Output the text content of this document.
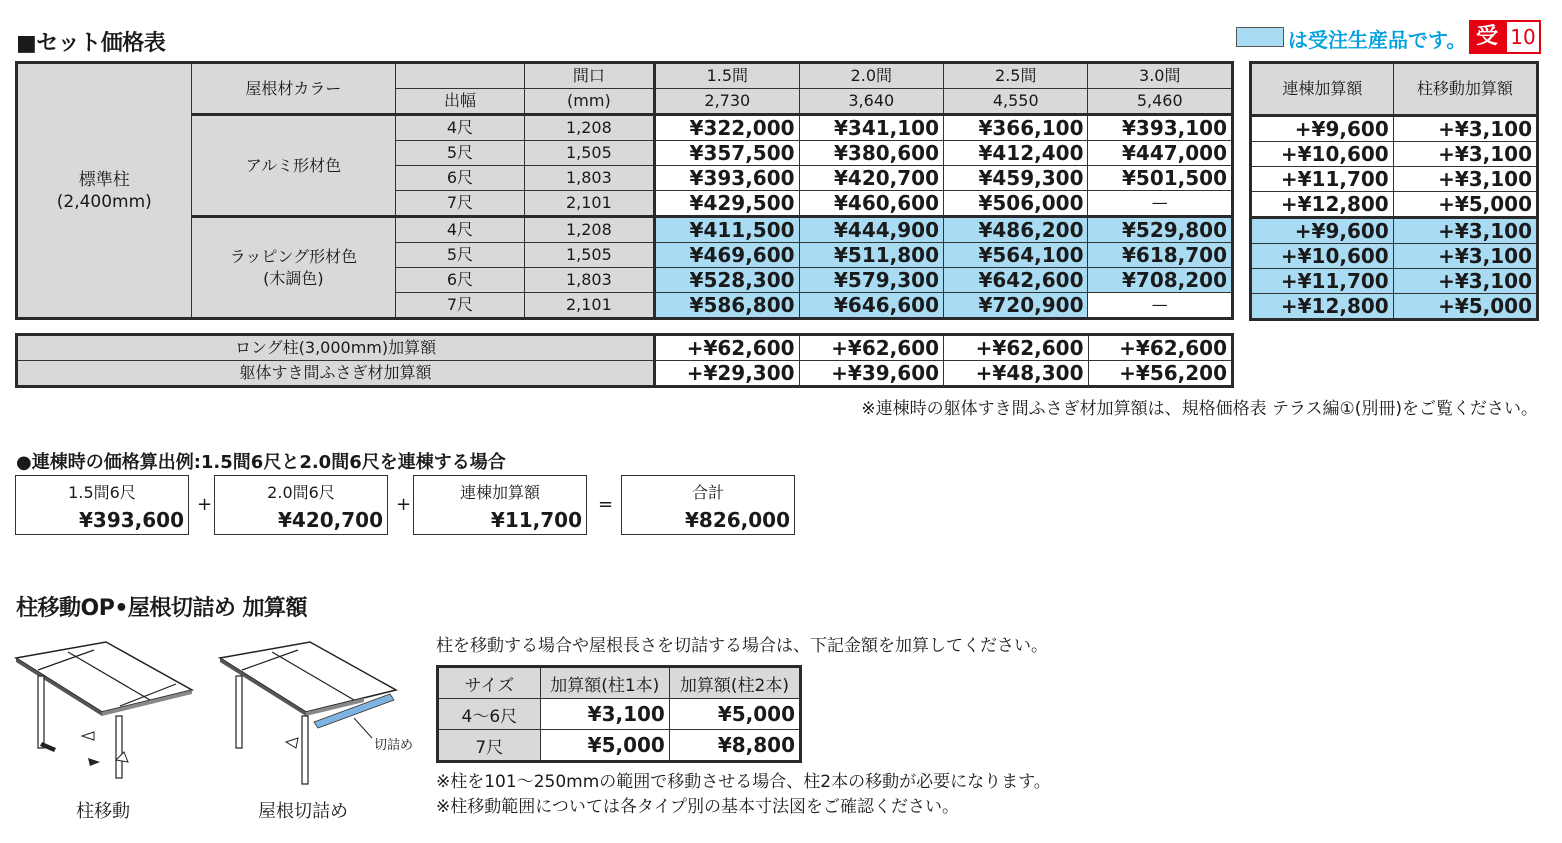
■セット価格表	は受注生産品です。 受 10
標準柱
(2,400mm)	屋根材カラー		間口	1.5間	2.0間	2.5間	3.0間
		出幅	(mm)	2,730	3,640	4,550	5,460

	アルミ形材色	4尺	1,208	¥322,000	¥341,100	¥366,100	¥393,100
		5尺	1,505	¥357,500	¥380,600	¥412,400	¥447,000
		6尺	1,803	¥393,600	¥420,700	¥459,300	¥501,500
		7尺	2,101	¥429,500	¥460,600	¥506,000	—

	ラッピング形材色
(木調色)	4尺	1,208	¥411,500	¥444,900	¥486,200	¥529,800
		5尺	1,505	¥469,600	¥511,800	¥564,100	¥618,700
		6尺	1,803	¥528,300	¥579,300	¥642,600	¥708,200
		7尺	2,101	¥586,800	¥646,600	¥720,900	—
連棟加算額	柱移動加算額

+¥9,600	+¥3,100
+¥10,600	+¥3,100
+¥11,700	+¥3,100
+¥12,800	+¥5,000
+¥9,600	+¥3,100
+¥10,600	+¥3,100
+¥11,700	+¥3,100
+¥12,800	+¥5,000
ロング柱(3,000mm)加算額	+¥62,600	+¥62,600	+¥62,600	+¥62,600
躯体すき間ふさぎ材加算額	+¥29,300	+¥39,600	+¥48,300	+¥56,200
※連棟時の躯体すき間ふさぎ材加算額は、規格価格表 テラス編①(別冊)をご覧ください。
●連棟時の価格算出例:1.5間6尺と2.0間6尺を連棟する場合
1.5間6尺
¥393,600
2.0間6尺
¥420,700
連棟加算額
¥11,700
合計
¥826,000
+	+	=
柱移動OP•屋根切詰め 加算額
柱を移動する場合や屋根長さを切詰する場合は、下記金額を加算してください。
サイズ	加算額(柱1本)	加算額(柱2本)
4〜6尺	¥3,100	¥5,000
7尺	¥5,000	¥8,800
※柱を101〜250mmの範囲で移動させる場合、柱2本の移動が必要になります。
※柱移動範囲については各タイプ別の基本寸法図をご確認ください。
柱移動
切詰め
屋根切詰め
